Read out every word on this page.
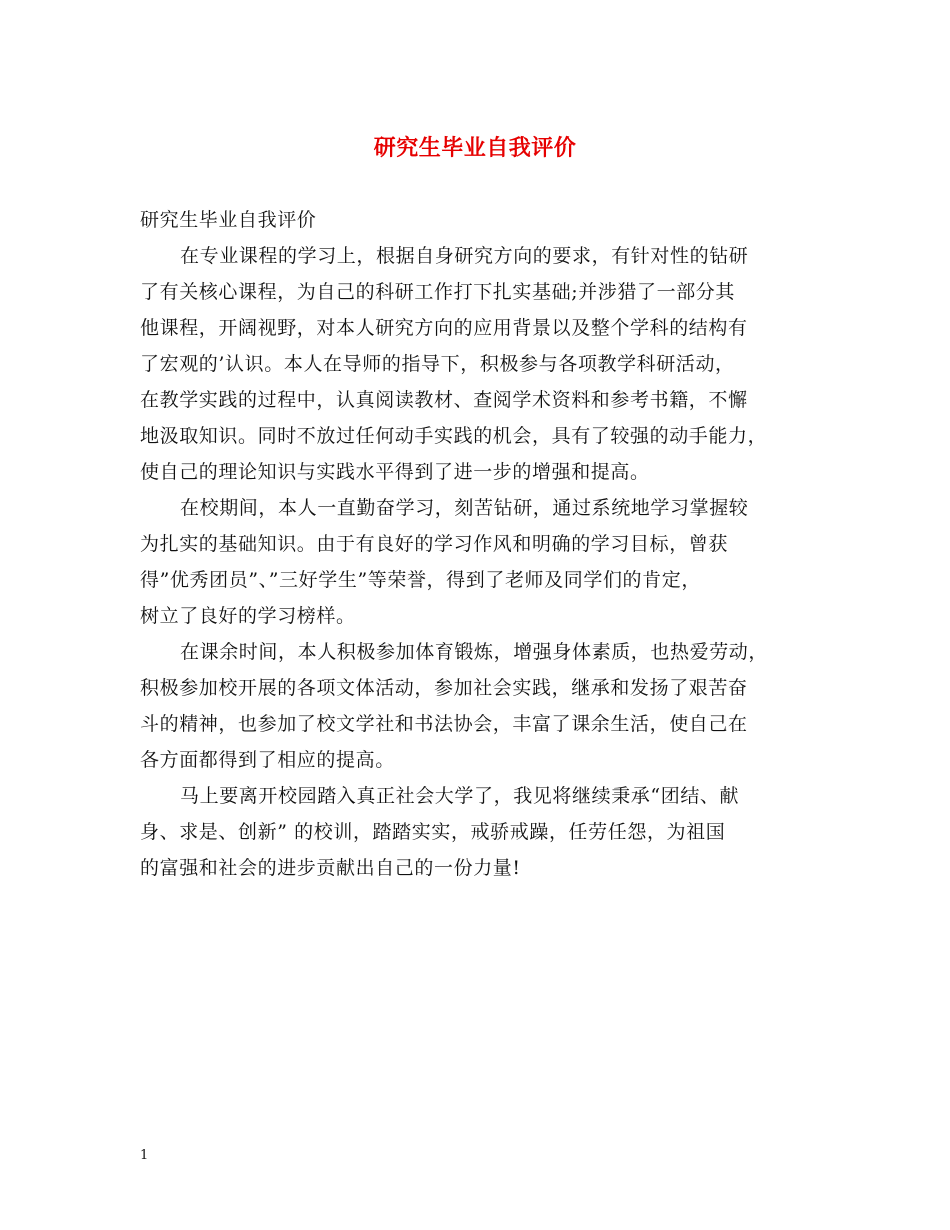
研究生毕业自我评价
研究生毕业自我评价
在专业课程的学习上，根据自身研究方向的要求，有针对性的钻研
了有关核心课程，为自己的科研工作打下扎实基础;并涉猎了一部分其
他课程，开阔视野，对本人研究方向的应用背景以及整个学科的结构有
了宏观的’认识。本人在导师的指导下，积极参与各项教学科研活动，
在教学实践的过程中，认真阅读教材、查阅学术资料和参考书籍，不懈
地汲取知识。同时不放过任何动手实践的机会，具有了较强的动手能力，
使自己的理论知识与实践水平得到了进一步的增强和提高。
在校期间，本人一直勤奋学习，刻苦钻研，通过系统地学习掌握较
为扎实的基础知识。由于有良好的学习作风和明确的学习目标，曾获
得”优秀团员”、”三好学生”等荣誉，得到了老师及同学们的肯定，
树立了良好的学习榜样。
在课余时间，本人积极参加体育锻炼，增强身体素质，也热爱劳动，
积极参加校开展的各项文体活动，参加社会实践，继承和发扬了艰苦奋
斗的精神，也参加了校文学社和书法协会，丰富了课余生活，使自己在
各方面都得到了相应的提高。
马上要离开校园踏入真正社会大学了，我见将继续秉承“团结、献
身、求是、创新” 的校训，踏踏实实，戒骄戒躁，任劳任怨，为祖国
的富强和社会的进步贡献出自己的一份力量!
1
